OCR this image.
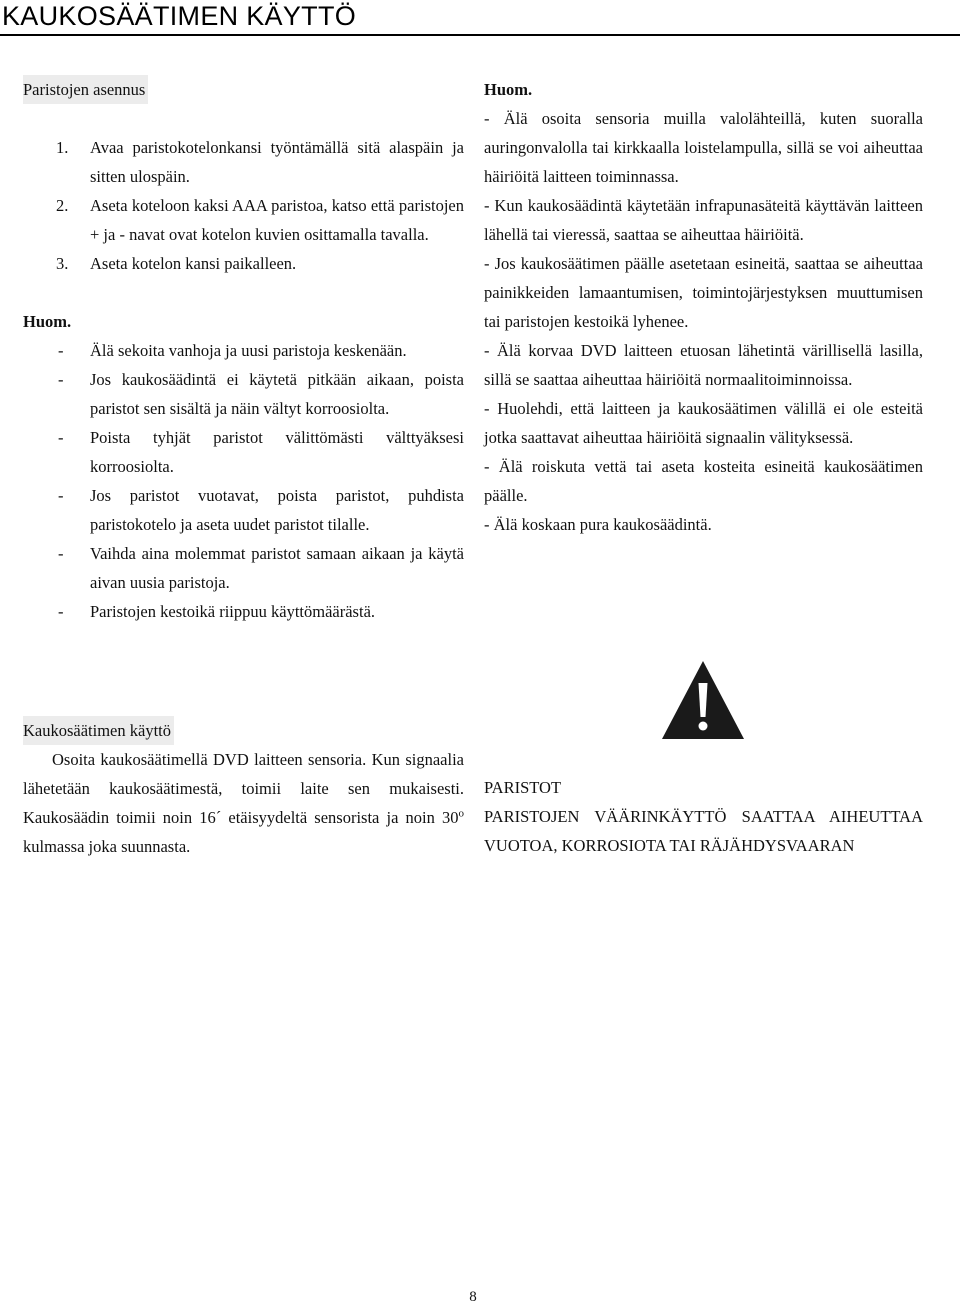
KAUKOSÄÄTIMEN KÄYTTÖ
Paristojen asennus
1.	Avaa paristokotelonkansi työntämällä sitä alaspäin ja sitten ulospäin.
2.	Aseta koteloon kaksi AAA paristoa, katso että paristojen + ja - navat ovat kotelon kuvien osittamalla tavalla.
3.	Aseta kotelon kansi paikalleen.
Huom.
-	Älä sekoita vanhoja ja uusi paristoja keskenään.
-	Jos kaukosäädintä ei käytetä pitkään aikaan, poista paristot sen sisältä ja näin vältyt korroosiolta.
-	Poista tyhjät paristot välittömästi välttyäksesi korroosiolta.
-	Jos paristot vuotavat, poista paristot, puhdista paristokotelo ja aseta uudet paristot tilalle.
-	Vaihda aina molemmat paristot samaan aikaan ja käytä aivan uusia paristoja.
-	Paristojen kestoikä riippuu käyttömäärästä.
Kaukosäätimen käyttö
Osoita kaukosäätimellä DVD laitteen sensoria. Kun signaalia lähetetään kaukosäätimestä, toimii laite sen mukaisesti. Kaukosäädin toimii noin 16´ etäisyydeltä sensorista ja noin 30$^o$ kulmassa joka suunnasta.
Huom.
- Älä osoita sensoria muilla valolähteillä, kuten suoralla auringonvalolla tai kirkkaalla loistelampulla, sillä se voi aiheuttaa häiriöitä laitteen toiminnassa.
- Kun kaukosäädintä käytetään infrapunasäteitä käyttävän laitteen lähellä tai vieressä, saattaa se aiheuttaa häiriöitä.
- Jos kaukosäätimen päälle asetetaan esineitä, saattaa se aiheuttaa painikkeiden lamaantumisen, toimintojärjestyksen muuttumisen tai paristojen kestoikä lyhenee.
- Älä korvaa DVD laitteen etuosan lähetintä värillisellä lasilla, sillä se saattaa aiheuttaa häiriöitä normaalitoiminnoissa.
- Huolehdi, että laitteen ja kaukosäätimen välillä ei ole esteitä jotka saattavat aiheuttaa häiriöitä signaalin välityksessä.
- Älä roiskuta vettä tai aseta kosteita esineitä kaukosäätimen päälle.
- Älä koskaan pura kaukosäädintä.
PARISTOT
PARISTOJEN VÄÄRINKÄYTTÖ SAATTAA AIHEUTTAA VUOTOA, KORROSIOTA TAI RÄJÄHDYSVAARAN
8
